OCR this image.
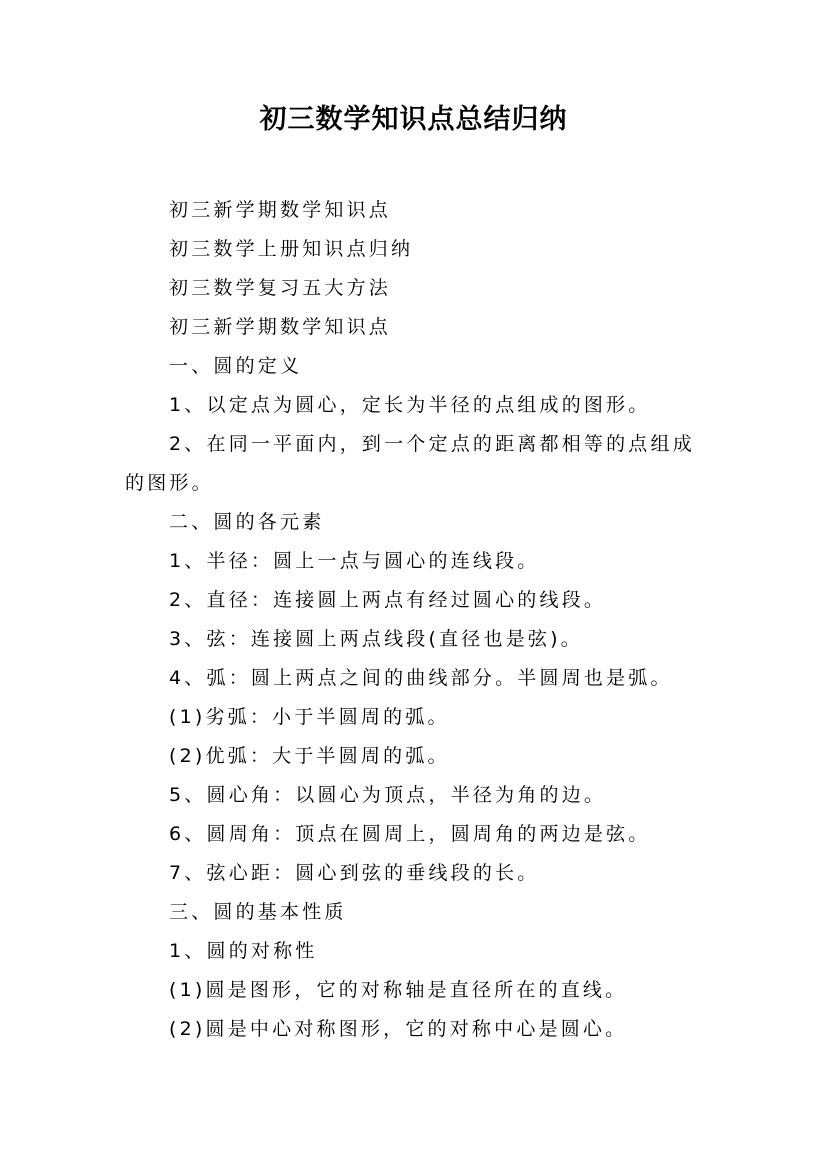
初三数学知识点总结归纳

初三新学期数学知识点

初三数学上册知识点归纳

初三数学复习五大方法

初三新学期数学知识点

一、圆的定义

1、以定点为圆心，定长为半径的点组成的图形。

2、在同一平面内，到一个定点的距离都相等的点组成的图形。

二、圆的各元素

1、半径：圆上一点与圆心的连线段。

2、直径：连接圆上两点有经过圆心的线段。

3、弦：连接圆上两点线段(直径也是弦)。

4、弧：圆上两点之间的曲线部分。半圆周也是弧。

(1)劣弧：小于半圆周的弧。

(2)优弧：大于半圆周的弧。

5、圆心角：以圆心为顶点，半径为角的边。

6、圆周角：顶点在圆周上，圆周角的两边是弦。

7、弦心距：圆心到弦的垂线段的长。

三、圆的基本性质

1、圆的对称性

(1)圆是图形，它的对称轴是直径所在的直线。

(2)圆是中心对称图形，它的对称中心是圆心。
